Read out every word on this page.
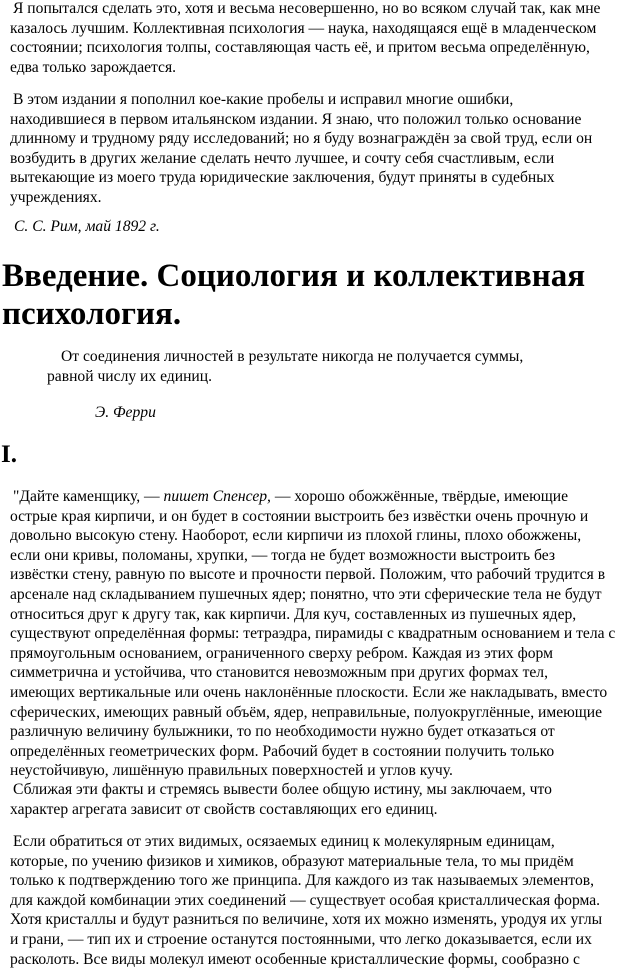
Я попытался сделать это, хотя и весьма несовершенно, но во всяком случай так, как мне
казалось лучшим. Коллективная психология — наука, находящаяся ещё в младенческом
состоянии; психология толпы, составляющая часть её, и притом весьма определённую,
едва только зарождается.
В этом издании я пополнил кое-какие пробелы и исправил многие ошибки,
находившиеся в первом итальянском издании. Я знаю, что положил только основание
длинному и трудному ряду исследований; но я буду вознаграждён за свой труд, если он
возбудить в других желание сделать нечто лучшее, и сочту себя счастливым, если
вытекающие из моего труда юридические заключения, будут приняты в судебных
учреждениях.
С. С. Рим, май 1892 г.
Введение. Социология и коллективная
психология.
От соединения личностей в результате никогда не получается суммы,
равной числу их единиц.
Э. Ферри
I.
"Дайте каменщику, — пишет Спенсер, — хорошо обожжённые, твёрдые, имеющие
острые края кирпичи, и он будет в состоянии выстроить без извёстки очень прочную и
довольно высокую стену. Наоборот, если кирпичи из плохой глины, плохо обожжены,
если они кривы, поломаны, хрупки, — тогда не будет возможности выстроить без
извёстки стену, равную по высоте и прочности первой. Положим, что рабочий трудится в
арсенале над складыванием пушечных ядер; понятно, что эти сферические тела не будут
относиться друг к другу так, как кирпичи. Для куч, составленных из пушечных ядер,
существуют определённая формы: тетраэдра, пирамиды с квадратным основанием и тела с
прямоугольным основанием, ограниченного сверху ребром. Каждая из этих форм
симметрична и устойчива, что становится невозможным при других формах тел,
имеющих вертикальные или очень наклонённые плоскости. Если же накладывать, вместо
сферических, имеющих равный объём, ядер, неправильные, полуокруглённые, имеющие
различную величину булыжники, то по необходимости нужно будет отказаться от
определённых геометрических форм. Рабочий будет в состоянии получить только
неустойчивую, лишённую правильных поверхностей и углов кучу.
Сближая эти факты и стремясь вывести более общую истину, мы заключаем, что
характер агрегата зависит от свойств составляющих его единиц.
Если обратиться от этих видимых, осязаемых единиц к молекулярным единицам,
которые, по учению физиков и химиков, образуют материальные тела, то мы придём
только к подтверждению того же принципа. Для каждого из так называемых элементов,
для каждой комбинации этих соединений — существует особая кристаллическая форма.
Хотя кристаллы и будут разниться по величине, хотя их можно изменять, уродуя их углы
и грани, — тип их и строение останутся постоянными, что легко доказывается, если их
расколоть. Все виды молекул имеют особенные кристаллические формы, сообразно с
